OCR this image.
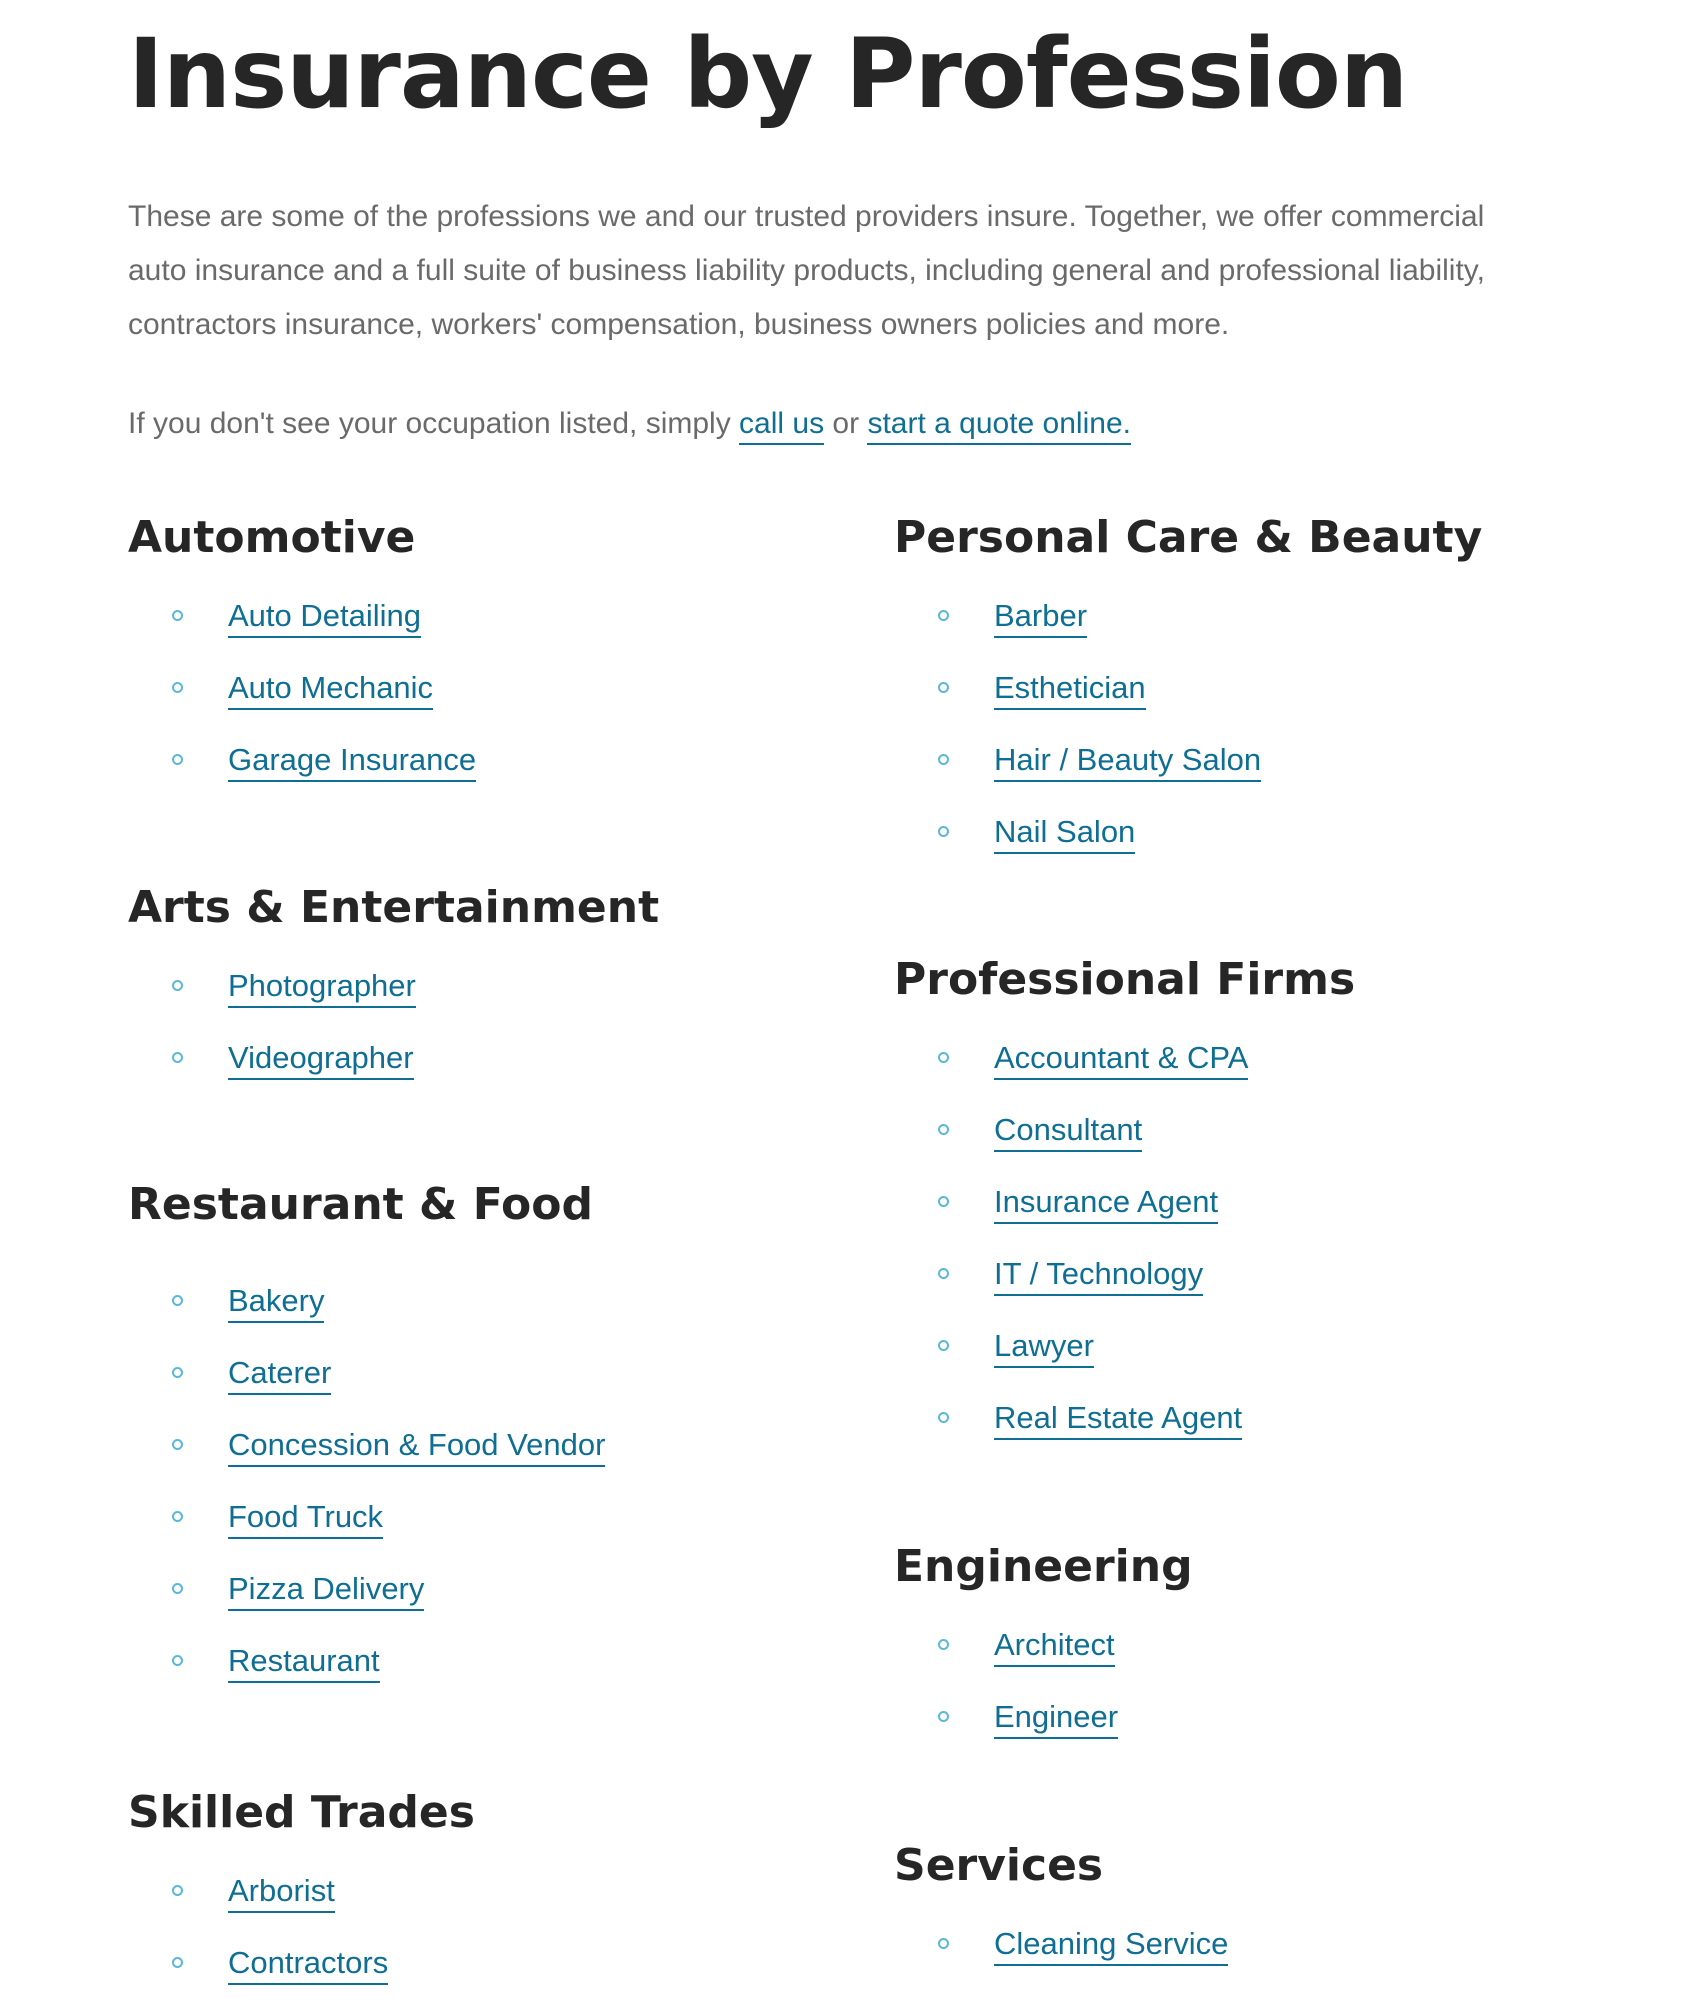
Insurance by Profession

These are some of the professions we and our trusted providers insure. Together, we offer commercial
auto insurance and a full suite of business liability products, including general and professional liability,
contractors insurance, workers' compensation, business owners policies and more.

If you don't see your occupation listed, simply call us or start a quote online.

Automotive
Auto Detailing
Auto Mechanic
Garage Insurance
Arts & Entertainment
Photographer
Videographer
Restaurant & Food
Bakery
Caterer
Concession & Food Vendor
Food Truck
Pizza Delivery
Restaurant
Skilled Trades
Arborist
Contractors
Personal Care & Beauty
Barber
Esthetician
Hair / Beauty Salon
Nail Salon
Professional Firms
Accountant & CPA
Consultant
Insurance Agent
IT / Technology
Lawyer
Real Estate Agent
Engineering
Architect
Engineer
Services
Cleaning Service
